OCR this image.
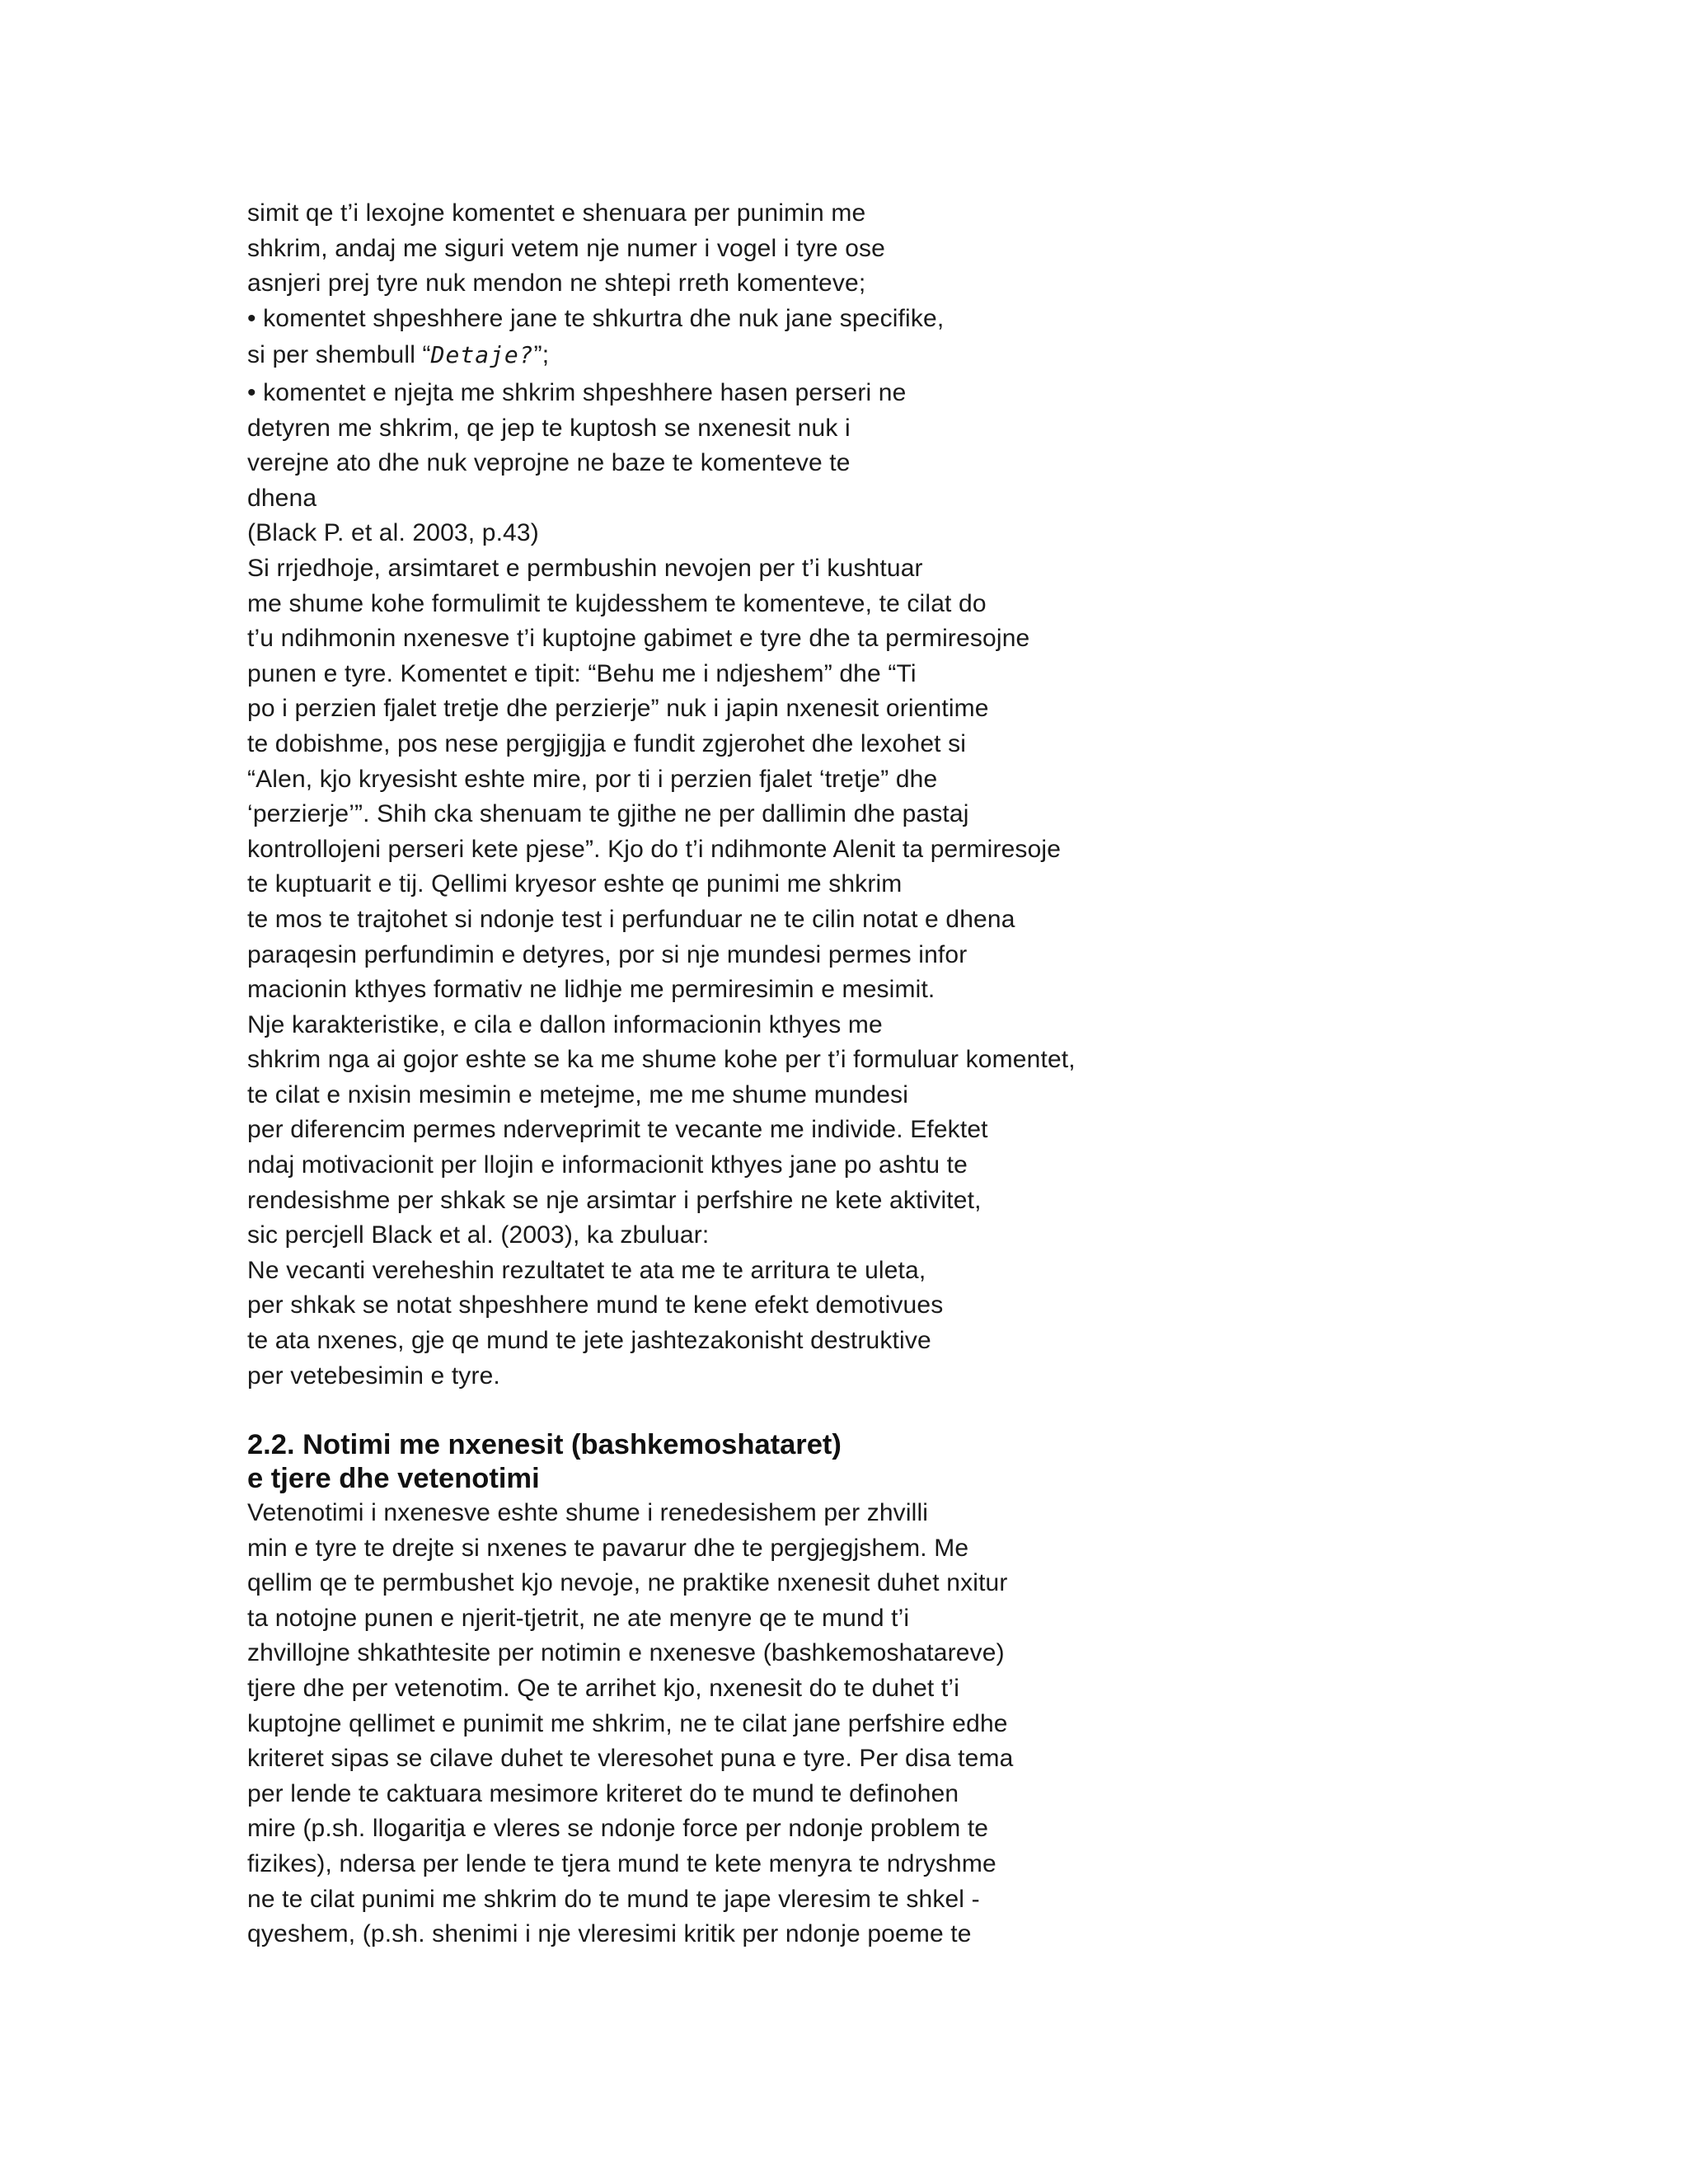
simit qe t’i lexojne komentet e shenuara per punimin me
shkrim, andaj me siguri vetem nje numer i vogel i tyre ose
asnjeri prej tyre nuk mendon ne shtepi rreth komenteve;
• komentet shpeshhere jane te shkurtra dhe nuk jane specifike,
si per shembull “Detaje?”;
• komentet e njejta me shkrim shpeshhere hasen perseri ne
detyren me shkrim, qe jep te kuptosh se nxenesit nuk i
verejne ato dhe nuk veprojne ne baze te komenteve te
dhena
(Black P. et al. 2003, p.43)
Si rrjedhoje, arsimtaret e permbushin nevojen per t’i kushtuar
me shume kohe formulimit te kujdesshem te komenteve, te cilat do
t’u ndihmonin nxenesve t’i kuptojne gabimet e tyre dhe ta permiresojne
punen e tyre. Komentet e tipit: “Behu me i ndjeshem” dhe “Ti
po i perzien fjalet tretje dhe perzierje” nuk i japin nxenesit orientime
te dobishme, pos nese pergjigjja e fundit zgjerohet dhe lexohet si
“Alen, kjo kryesisht eshte mire, por ti i perzien fjalet ‘tretje” dhe
‘perzierje’”. Shih cka shenuam te gjithe ne per dallimin dhe pastaj
kontrollojeni perseri kete pjese”. Kjo do t’i ndihmonte Alenit ta permiresoje
te kuptuarit e tij. Qellimi kryesor eshte qe punimi me shkrim
te mos te trajtohet si ndonje test i perfunduar ne te cilin notat e dhena
paraqesin perfundimin e detyres, por si nje mundesi permes infor
macionin kthyes formativ ne lidhje me permiresimin e mesimit.
Nje karakteristike, e cila e dallon informacionin kthyes me
shkrim nga ai gojor eshte se ka me shume kohe per t’i formuluar komentet,
te cilat e nxisin mesimin e metejme, me me shume mundesi
per diferencim permes nderveprimit te vecante me individe. Efektet
ndaj motivacionit per llojin e informacionit kthyes jane po ashtu te
rendesishme per shkak se nje arsimtar i perfshire ne kete aktivitet,
sic percjell Black et al. (2003), ka zbuluar:
Ne vecanti vereheshin rezultatet te ata me te arritura te uleta,
per shkak se notat shpeshhere mund te kene efekt demotivues
te ata nxenes, gje qe mund te jete jashtezakonisht destruktive
per vetebesimin e tyre.
2.2. Notimi me nxenesit (bashkemoshataret)
e tjere dhe vetenotimi
Vetenotimi i nxenesve eshte shume i renedesishem per zhvilli
min e tyre te drejte si nxenes te pavarur dhe te pergjegjshem. Me
qellim qe te permbushet kjo nevoje, ne praktike nxenesit duhet nxitur
ta notojne punen e njerit-tjetrit, ne ate menyre qe te mund t’i
zhvillojne shkathtesite per notimin e nxenesve (bashkemoshatareve)
tjere dhe per vetenotim. Qe te arrihet kjo, nxenesit do te duhet t’i
kuptojne qellimet e punimit me shkrim, ne te cilat jane perfshire edhe
kriteret sipas se cilave duhet te vleresohet puna e tyre. Per disa tema
per lende te caktuara mesimore kriteret do te mund te definohen
mire (p.sh. llogaritja e vleres se ndonje force per ndonje problem te
fizikes), ndersa per lende te tjera mund te kete menyra te ndryshme
ne te cilat punimi me shkrim do te mund te jape vleresim te shkel -
qyeshem, (p.sh. shenimi i nje vleresimi kritik per ndonje poeme te
